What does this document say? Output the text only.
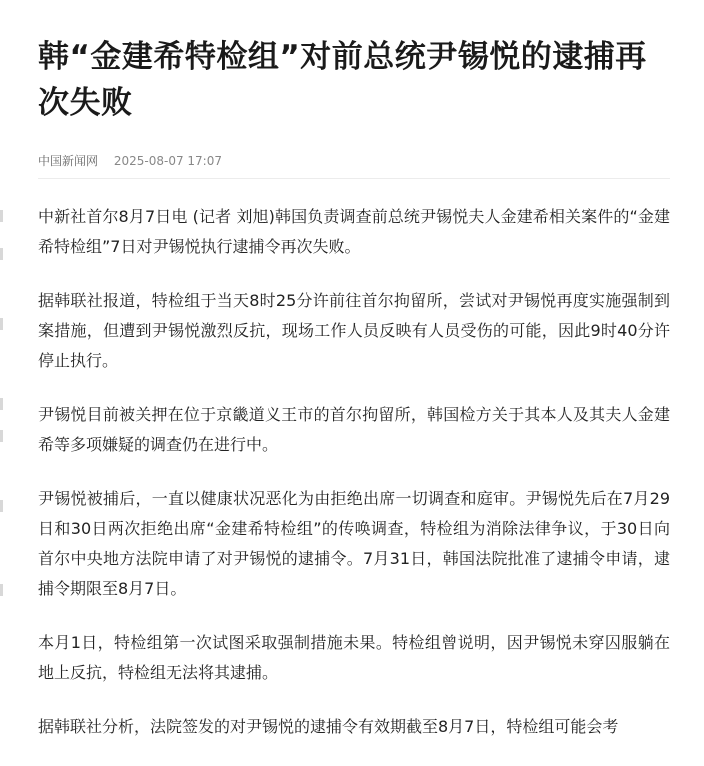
韩“金建希特检组”对前总统尹锡悦的逮捕再次失败
中国新闻网 2025-08-07 17:07

中新社首尔8月7日电 (记者 刘旭)韩国负责调查前总统尹锡悦夫人金建希相关案件的“金建希特检组”7日对尹锡悦执行逮捕令再次失败。

据韩联社报道，特检组于当天8时25分许前往首尔拘留所，尝试对尹锡悦再度实施强制到案措施，但遭到尹锡悦激烈反抗，现场工作人员反映有人员受伤的可能，因此9时40分许停止执行。

尹锡悦目前被关押在位于京畿道义王市的首尔拘留所，韩国检方关于其本人及其夫人金建希等多项嫌疑的调查仍在进行中。

尹锡悦被捕后，一直以健康状况恶化为由拒绝出席一切调查和庭审。尹锡悦先后在7月29日和30日两次拒绝出席“金建希特检组”的传唤调查，特检组为消除法律争议，于30日向首尔中央地方法院申请了对尹锡悦的逮捕令。7月31日，韩国法院批准了逮捕令申请，逮捕令期限至8月7日。

本月1日，特检组第一次试图采取强制措施未果。特检组曾说明，因尹锡悦未穿囚服躺在地上反抗，特检组无法将其逮捕。

据韩联社分析，法院签发的对尹锡悦的逮捕令有效期截至8月7日，特检组可能会考
